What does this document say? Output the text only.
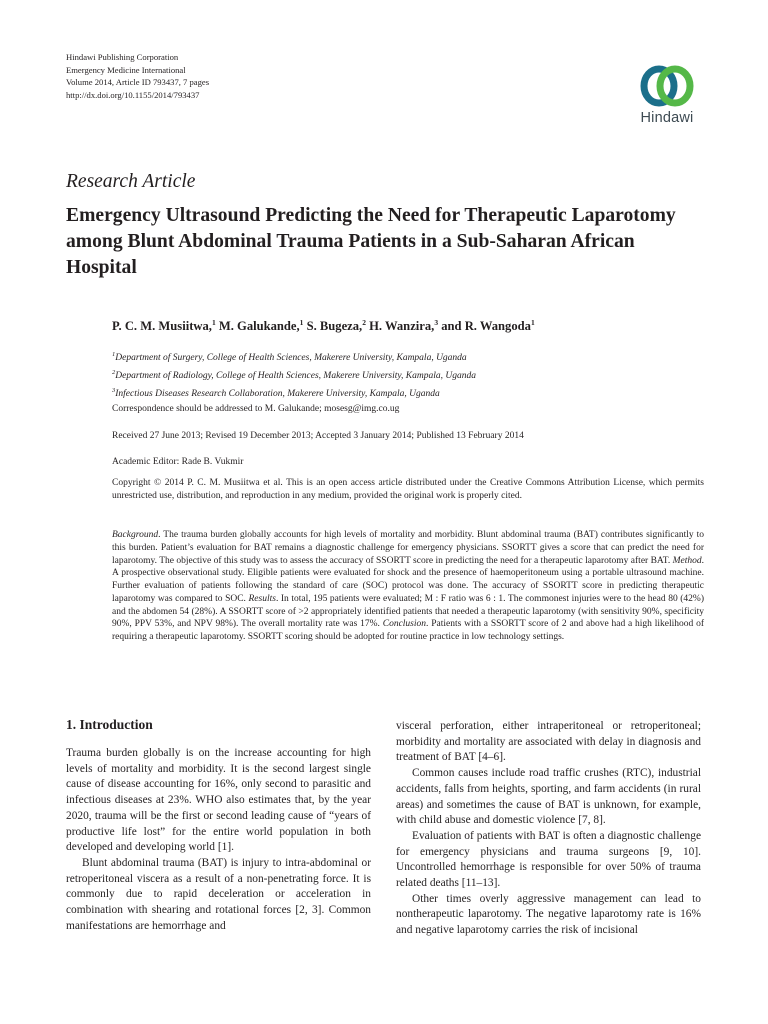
Hindawi Publishing Corporation
Emergency Medicine International
Volume 2014, Article ID 793437, 7 pages
http://dx.doi.org/10.1155/2014/793437
Hindawi
Research Article
Emergency Ultrasound Predicting the Need for Therapeutic Laparotomy among Blunt Abdominal Trauma Patients in a Sub-Saharan African Hospital
P. C. M. Musiitwa,$^1$ M. Galukande,$^1$ S. Bugeza,$^2$ H. Wanzira,$^3$ and R. Wangoda$^1$
$^1$Department of Surgery, College of Health Sciences, Makerere University, Kampala, Uganda
$^2$Department of Radiology, College of Health Sciences, Makerere University, Kampala, Uganda
$^3$Infectious Diseases Research Collaboration, Makerere University, Kampala, Uganda
Correspondence should be addressed to M. Galukande; mosesg@img.co.ug
Received 27 June 2013; Revised 19 December 2013; Accepted 3 January 2014; Published 13 February 2014
Academic Editor: Rade B. Vukmir
Copyright © 2014 P. C. M. Musiitwa et al. This is an open access article distributed under the Creative Commons Attribution License, which permits unrestricted use, distribution, and reproduction in any medium, provided the original work is properly cited.
Background. The trauma burden globally accounts for high levels of mortality and morbidity. Blunt abdominal trauma (BAT) contributes significantly to this burden. Patient’s evaluation for BAT remains a diagnostic challenge for emergency physicians. SSORTT gives a score that can predict the need for laparotomy. The objective of this study was to assess the accuracy of SSORTT score in predicting the need for a therapeutic laparotomy after BAT. Method. A prospective observational study. Eligible patients were evaluated for shock and the presence of haemoperitoneum using a portable ultrasound machine. Further evaluation of patients following the standard of care (SOC) protocol was done. The accuracy of SSORTT score in predicting therapeutic laparotomy was compared to SOC. Results. In total, 195 patients were evaluated; M : F ratio was 6 : 1. The commonest injuries were to the head 80 (42%) and the abdomen 54 (28%). A SSORTT score of >2 appropriately identified patients that needed a therapeutic laparotomy (with sensitivity 90%, specificity 90%, PPV 53%, and NPV 98%). The overall mortality rate was 17%. Conclusion. Patients with a SSORTT score of 2 and above had a high likelihood of requiring a therapeutic laparotomy. SSORTT scoring should be adopted for routine practice in low technology settings.
1. Introduction

Trauma burden globally is on the increase accounting for high levels of mortality and morbidity. It is the second largest single cause of disease accounting for 16%, only second to parasitic and infectious diseases at 23%. WHO also estimates that, by the year 2020, trauma will be the first or second leading cause of “years of productive life lost” for the entire world population in both developed and developing world [1].

Blunt abdominal trauma (BAT) is injury to intra-abdominal or retroperitoneal viscera as a result of a non-penetrating force. It is commonly due to rapid deceleration or acceleration in combination with shearing and rotational forces [2, 3]. Common manifestations are hemorrhage and

visceral perforation, either intraperitoneal or retroperitoneal; morbidity and mortality are associated with delay in diagnosis and treatment of BAT [4–6].

Common causes include road traffic crushes (RTC), industrial accidents, falls from heights, sporting, and farm accidents (in rural areas) and sometimes the cause of BAT is unknown, for example, with child abuse and domestic violence [7, 8].

Evaluation of patients with BAT is often a diagnostic challenge for emergency physicians and trauma surgeons [9, 10]. Uncontrolled hemorrhage is responsible for over 50% of trauma related deaths [11–13].

Other times overly aggressive management can lead to nontherapeutic laparotomy. The negative laparotomy rate is 16% and negative laparotomy carries the risk of incisional
